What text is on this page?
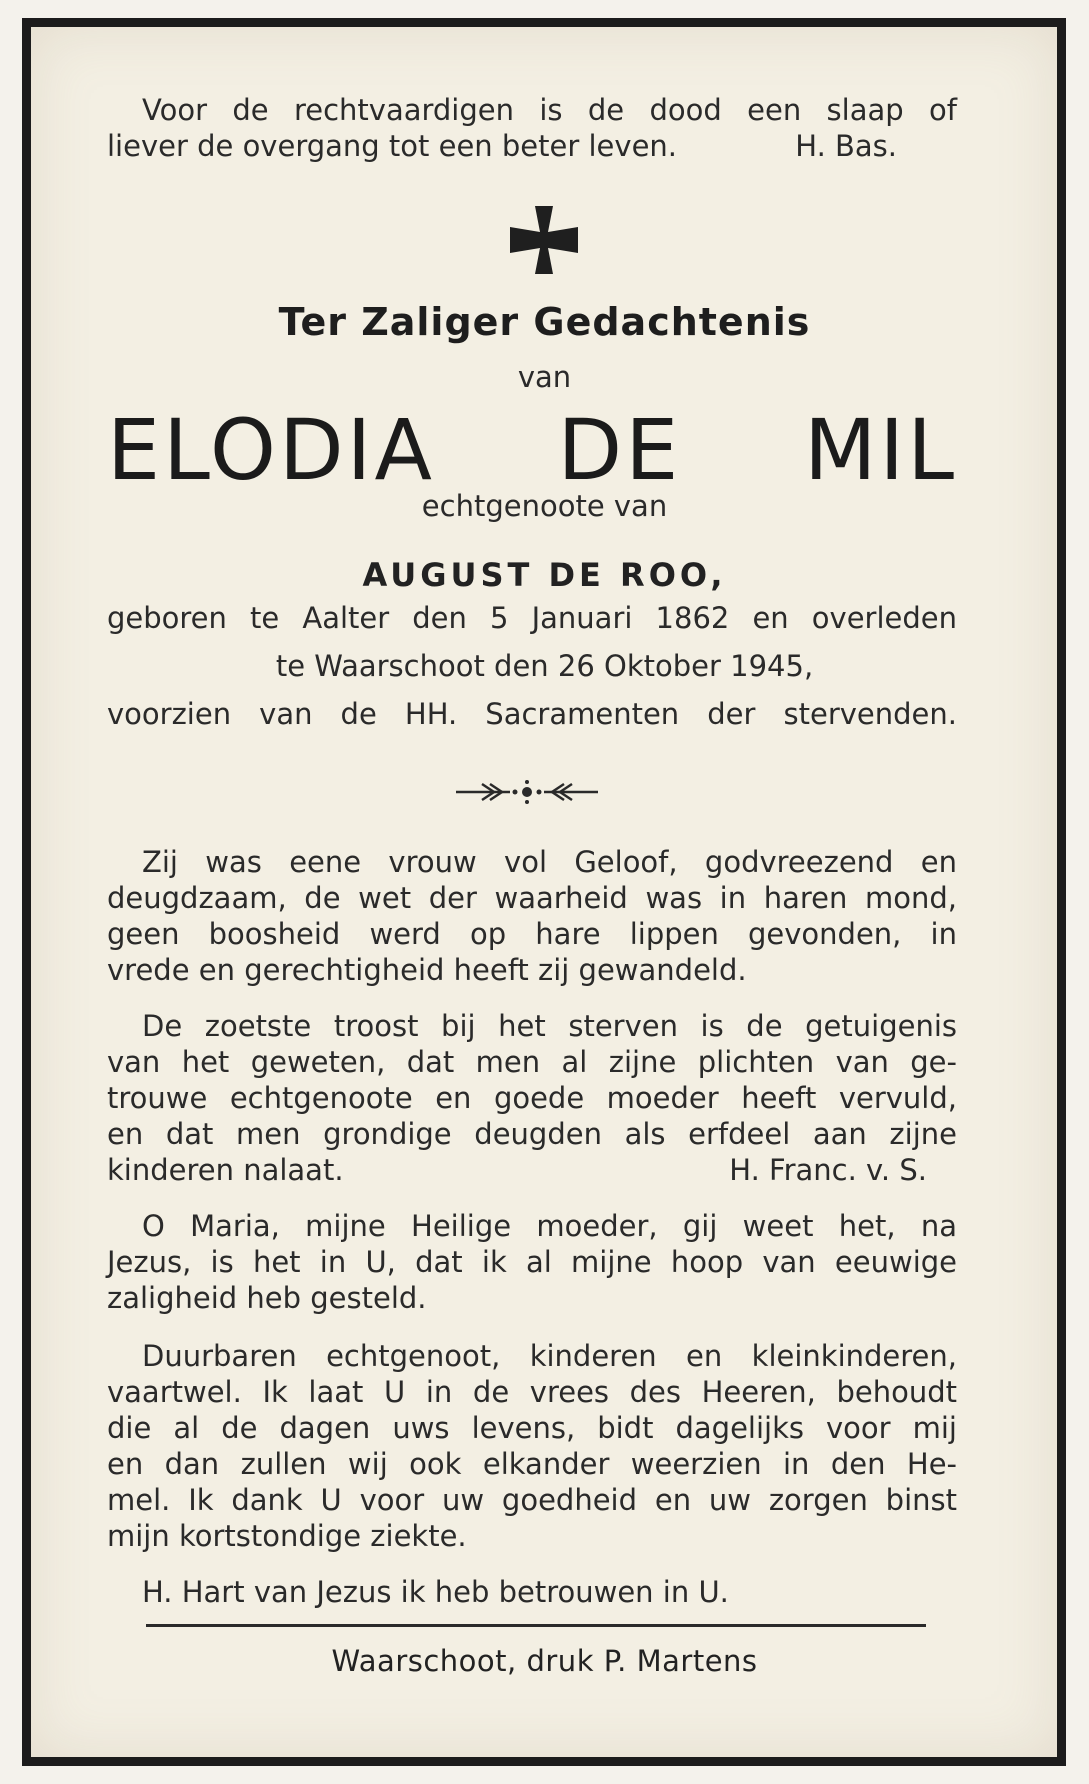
Voor de rechtvaardigen is de dood een slaap of
liever de overgang tot een beter leven.	H. Bas.
Ter Zaliger Gedachtenis
van
ELODIA DE MIL
echtgenoote van
AUGUST DE ROO,
geboren te Aalter den 5 Januari 1862 en overleden
te Waarschoot den 26 Oktober 1945,
voorzien van de HH. Sacramenten der stervenden.
Zij was eene vrouw vol Geloof, godvreezend en
deugdzaam, de wet der waarheid was in haren mond,
geen boosheid werd op hare lippen gevonden, in
vrede en gerechtigheid heeft zij gewandeld.
De zoetste troost bij het sterven is de getuigenis
van het geweten, dat men al zijne plichten van ge-
trouwe echtgenoote en goede moeder heeft vervuld,
en dat men grondige deugden als erfdeel aan zijne
kinderen nalaat.	H. Franc. v. S.
O Maria, mijne Heilige moeder, gij weet het, na
Jezus, is het in U, dat ik al mijne hoop van eeuwige
zaligheid heb gesteld.
Duurbaren echtgenoot, kinderen en kleinkinderen,
vaartwel. Ik laat U in de vrees des Heeren, behoudt
die al de dagen uws levens, bidt dagelijks voor mij
en dan zullen wij ook elkander weerzien in den He-
mel. Ik dank U voor uw goedheid en uw zorgen binst
mijn kortstondige ziekte.
H. Hart van Jezus ik heb betrouwen in U.
Waarschoot, druk P. Martens
